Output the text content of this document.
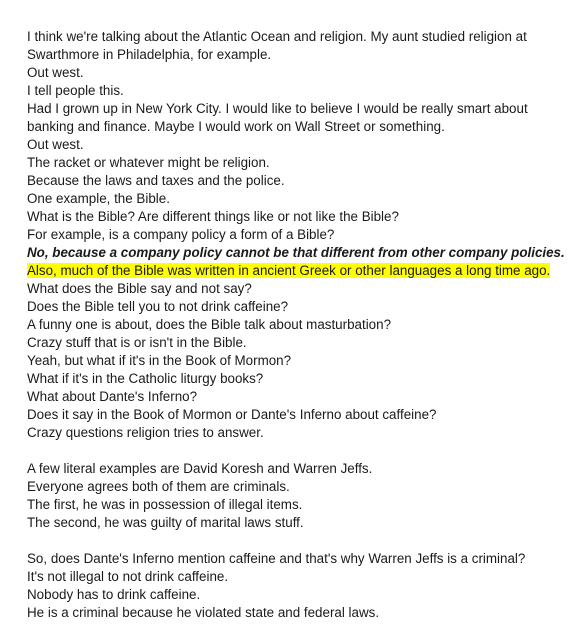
I think we're talking about the Atlantic Ocean and religion. My aunt studied religion at Swarthmore in Philadelphia, for example.
Out west.
I tell people this.
Had I grown up in New York City. I would like to believe I would be really smart about banking and finance. Maybe I would work on Wall Street or something.
Out west.
The racket or whatever might be religion.
Because the laws and taxes and the police.
One example, the Bible.
What is the Bible? Are different things like or not like the Bible?
For example, is a company policy a form of a Bible?
No, because a company policy cannot be that different from other company policies.
Also, much of the Bible was written in ancient Greek or other languages a long time ago.
What does the Bible say and not say?
Does the Bible tell you to not drink caffeine?
A funny one is about, does the Bible talk about masturbation?
Crazy stuff that is or isn't in the Bible.
Yeah, but what if it's in the Book of Mormon?
What if it's in the Catholic liturgy books?
What about Dante's Inferno?
Does it say in the Book of Mormon or Dante's Inferno about caffeine?
Crazy questions religion tries to answer.
A few literal examples are David Koresh and Warren Jeffs.
Everyone agrees both of them are criminals.
The first, he was in possession of illegal items.
The second, he was guilty of marital laws stuff.
So, does Dante's Inferno mention caffeine and that's why Warren Jeffs is a criminal?
It's not illegal to not drink caffeine.
Nobody has to drink caffeine.
He is a criminal because he violated state and federal laws.
